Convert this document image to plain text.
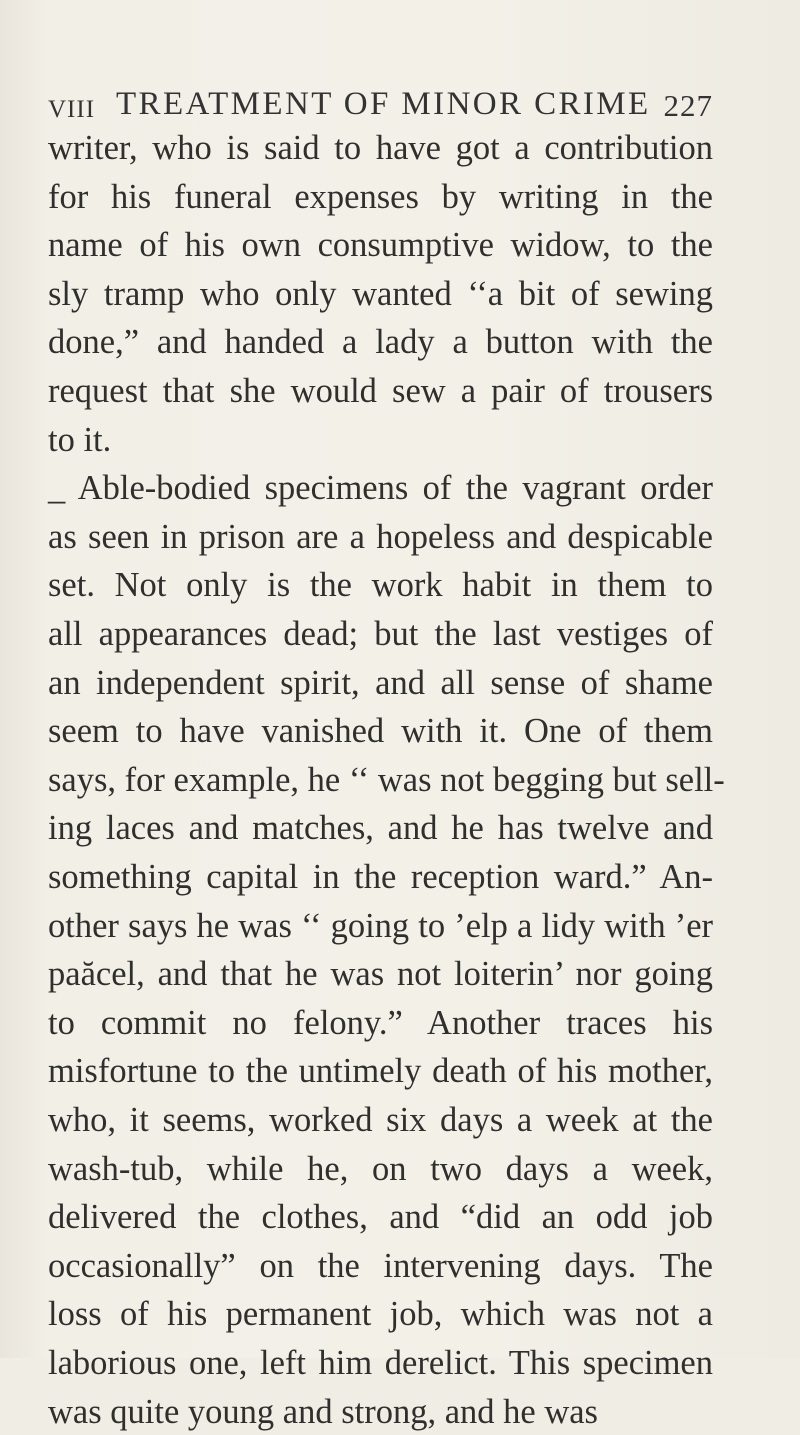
VIII TREATMENT OF MINOR CRIME 227
writer, who is said to have got a contribution
for his funeral expenses by writing in the
name of his own consumptive widow, to the
sly tramp who only wanted ‘‘a bit of sewing
done,” and handed a lady a button with the
request that she would sew a pair of trousers
to it.
_ Able-bodied specimens of the vagrant order
as seen in prison are a hopeless and despicable
set. Not only is the work habit in them to
all appearances dead; but the last vestiges of
an independent spirit, and all sense of shame
seem to have vanished with it. One of them
says, for example, he ‘‘ was not begging but sell-
ing laces and matches, and he has twelve and
something capital in the reception ward.” An-
other says he was ‘‘ going to ’elp a lidy with ’er
paăcel, and that he was not loiterin’ nor going
to commit no felony.” Another traces his
misfortune to the untimely death of his mother,
who, it seems, worked six days a week at the
wash-tub, while he, on two days a week,
delivered the clothes, and “did an odd job
occasionally” on the intervening days. The
loss of his permanent job, which was not a
laborious one, left him derelict. This specimen
was quite young and strong, and he was
